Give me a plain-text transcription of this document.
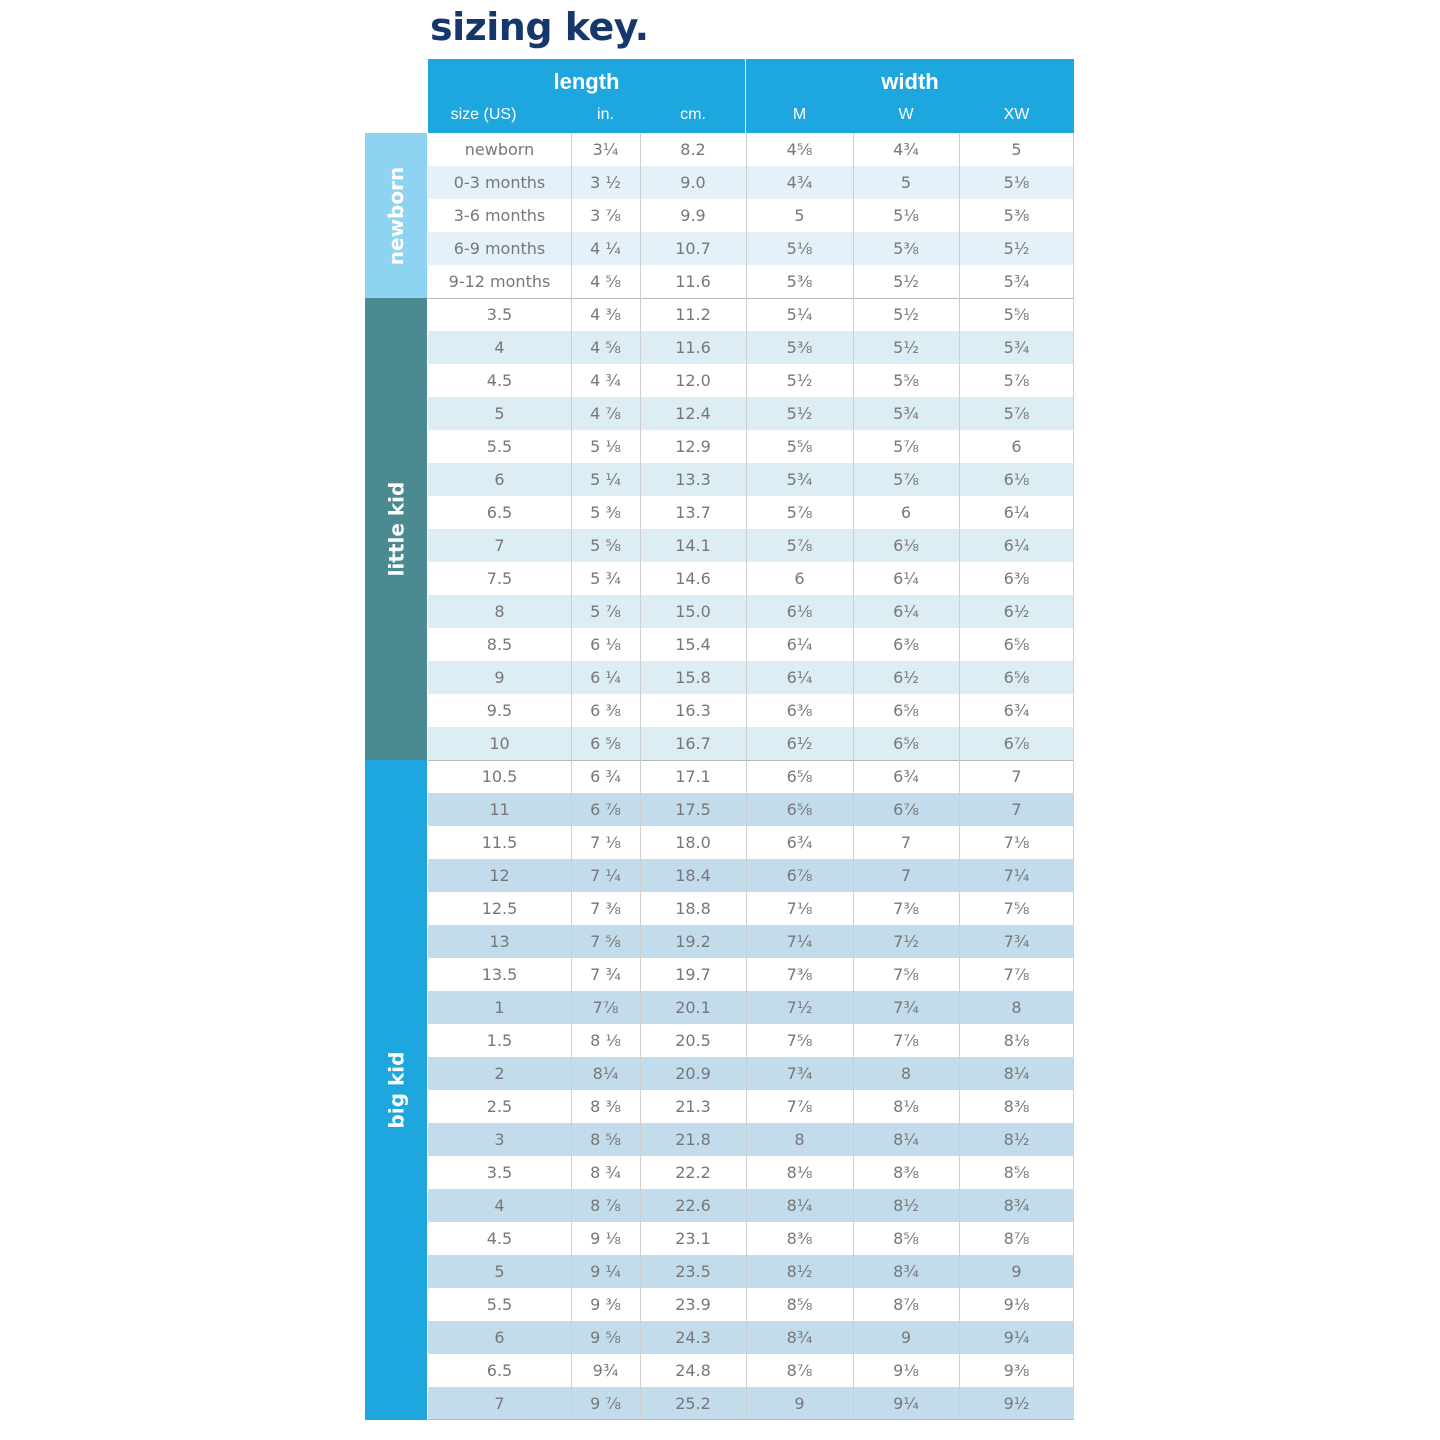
sizing key.
length	width
size (US)	in.	cm.	M	W	XW
newborn	3¼	8.2	4⅝	4¾	5
0-3 months	3 ½	9.0	4¾	5	5⅛
3-6 months	3 ⅞	9.9	5	5⅛	5⅜
6-9 months	4 ¼	10.7	5⅛	5⅜	5½
9-12 months	4 ⅝	11.6	5⅜	5½	5¾
3.5	4 ⅜	11.2	5¼	5½	5⅝
4	4 ⅝	11.6	5⅜	5½	5¾
4.5	4 ¾	12.0	5½	5⅝	5⅞
5	4 ⅞	12.4	5½	5¾	5⅞
5.5	5 ⅛	12.9	5⅝	5⅞	6
6	5 ¼	13.3	5¾	5⅞	6⅛
6.5	5 ⅜	13.7	5⅞	6	6¼
7	5 ⅝	14.1	5⅞	6⅛	6¼
7.5	5 ¾	14.6	6	6¼	6⅜
8	5 ⅞	15.0	6⅛	6¼	6½
8.5	6 ⅛	15.4	6¼	6⅜	6⅝
9	6 ¼	15.8	6¼	6½	6⅝
9.5	6 ⅜	16.3	6⅜	6⅝	6¾
10	6 ⅝	16.7	6½	6⅝	6⅞
10.5	6 ¾	17.1	6⅝	6¾	7
11	6 ⅞	17.5	6⅝	6⅞	7
11.5	7 ⅛	18.0	6¾	7	7⅛
12	7 ¼	18.4	6⅞	7	7¼
12.5	7 ⅜	18.8	7⅛	7⅜	7⅝
13	7 ⅝	19.2	7¼	7½	7¾
13.5	7 ¾	19.7	7⅜	7⅝	7⅞
1	7⅞	20.1	7½	7¾	8
1.5	8 ⅛	20.5	7⅝	7⅞	8⅛
2	8¼	20.9	7¾	8	8¼
2.5	8 ⅜	21.3	7⅞	8⅛	8⅜
3	8 ⅝	21.8	8	8¼	8½
3.5	8 ¾	22.2	8⅛	8⅜	8⅝
4	8 ⅞	22.6	8¼	8½	8¾
4.5	9 ⅛	23.1	8⅜	8⅝	8⅞
5	9 ¼	23.5	8½	8¾	9
5.5	9 ⅜	23.9	8⅝	8⅞	9⅛
6	9 ⅝	24.3	8¾	9	9¼
6.5	9¾	24.8	8⅞	9⅛	9⅜
7	9 ⅞	25.2	9	9¼	9½
newborn
little kid
big kid
